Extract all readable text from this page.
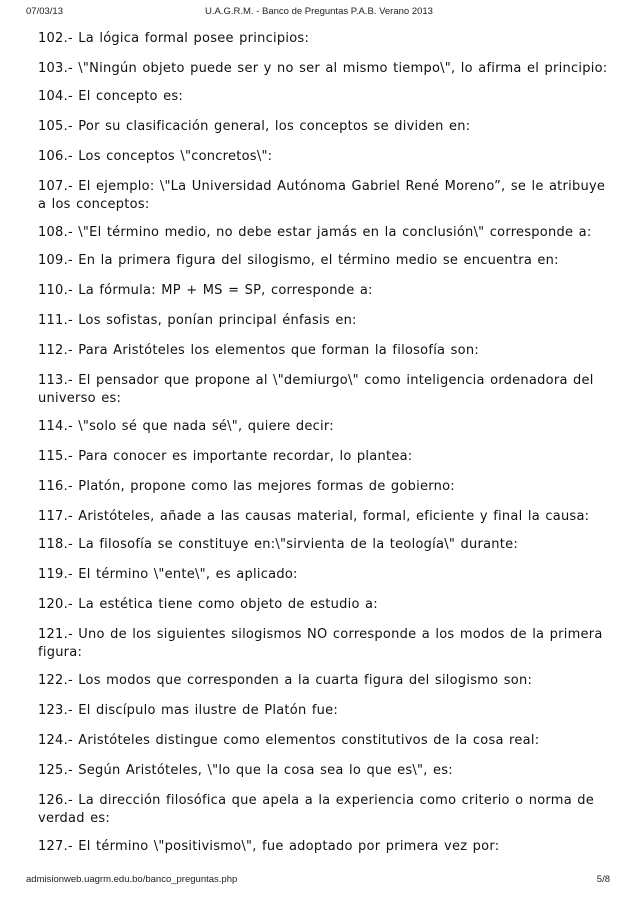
07/03/13	U.A.G.R.M. - Banco de Preguntas P.A.B. Verano 2013

102.- La lógica formal posee principios:

103.- \"Ningún objeto puede ser y no ser al mismo tiempo\", lo afirma el principio:

104.- El concepto es:

105.- Por su clasificación general, los conceptos se dividen en:

106.- Los conceptos \"concretos\":

107.- El ejemplo: \"La Universidad Autónoma Gabriel René Moreno”, se le atribuye a los conceptos:

108.- \"El término medio, no debe estar jamás en la conclusión\" corresponde a:

109.- En la primera figura del silogismo, el término medio se encuentra en:

110.- La fórmula: MP + MS = SP, corresponde a:

111.- Los sofistas, ponían principal énfasis en:

112.- Para Aristóteles los elementos que forman la filosofía son:

113.- El pensador que propone al \"demiurgo\" como inteligencia ordenadora del universo es:

114.- \"solo sé que nada sé\", quiere decir:

115.- Para conocer es importante recordar, lo plantea:

116.- Platón, propone como las mejores formas de gobierno:

117.- Aristóteles, añade a las causas material, formal, eficiente y final la causa:

118.- La filosofía se constituye en:\"sirvienta de la teología\" durante:

119.- El término \"ente\", es aplicado:

120.- La estética tiene como objeto de estudio a:

121.- Uno de los siguientes silogismos NO corresponde a los modos de la primera figura:

122.- Los modos que corresponden a la cuarta figura del silogismo son:

123.- El discípulo mas ilustre de Platón fue:

124.- Aristóteles distingue como elementos constitutivos de la cosa real:

125.- Según Aristóteles, \"lo que la cosa sea lo que es\", es:

126.- La dirección filosófica que apela a la experiencia como criterio o norma de verdad es:

127.- El término \"positivismo\", fue adoptado por primera vez por:

admisionweb.uagrm.edu.bo/banco_preguntas.php	5/8
